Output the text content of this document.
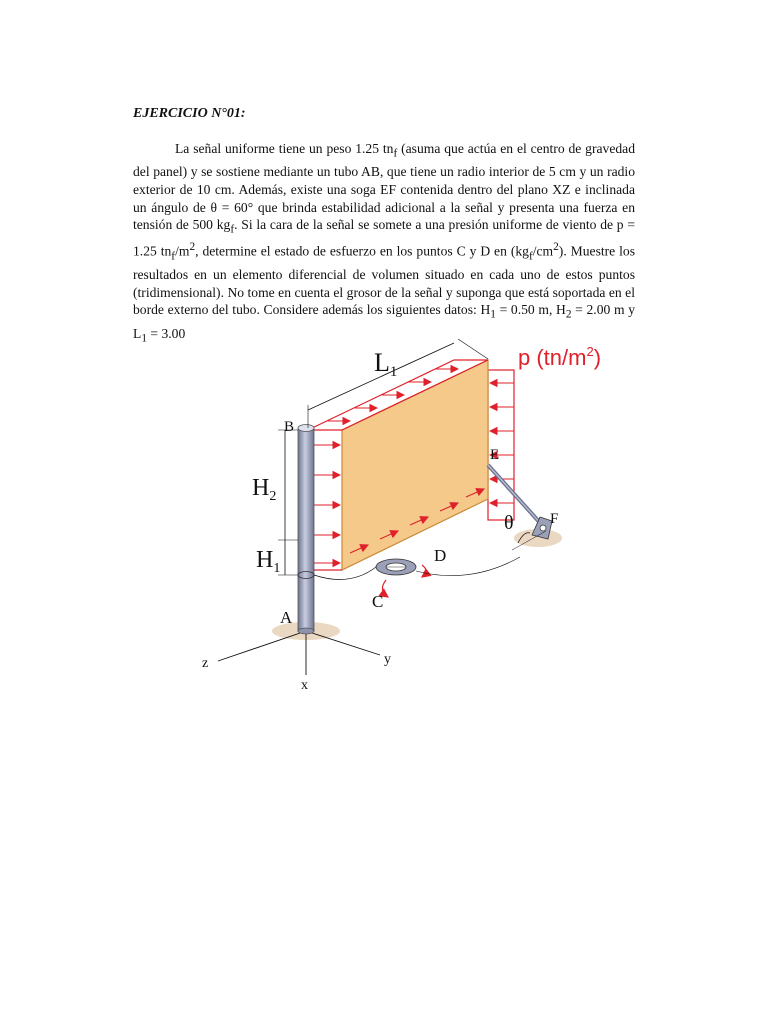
EJERCICIO N°01:

La señal uniforme tiene un peso 1.25 $tn_f$ (asuma que actúa en el centro de gravedad del panel) y se sostiene mediante un tubo AB, que tiene un radio interior de 5 cm y un radio exterior de 10 cm. Además, existe una soga EF contenida dentro del plano XZ e inclinada un ángulo de θ = 60° que brinda estabilidad adicional a la señal y presenta una fuerza en tensión de 500 $kg_f$. Si la cara de la señal se somete a una presión uniforme de viento de p = 1.25 $tn_f/m^2$, determine el estado de esfuerzo en los puntos C y D en $(kg_f/cm^2)$. Muestre los resultados en un elemento diferencial de volumen situado en cada uno de estos puntos (tridimensional). No tome en cuenta el grosor de la señal y suponga que está soportada en el borde externo del tubo. Considere además los siguientes datos: $H_1 = 0.50$ m, $H_2 = 2.00$ m y $L_1 = 3.00$

L1
p $(tn/m^2)$
B
E
$H_2$
$H_1$
D
C
A
θ F
z	y
x
